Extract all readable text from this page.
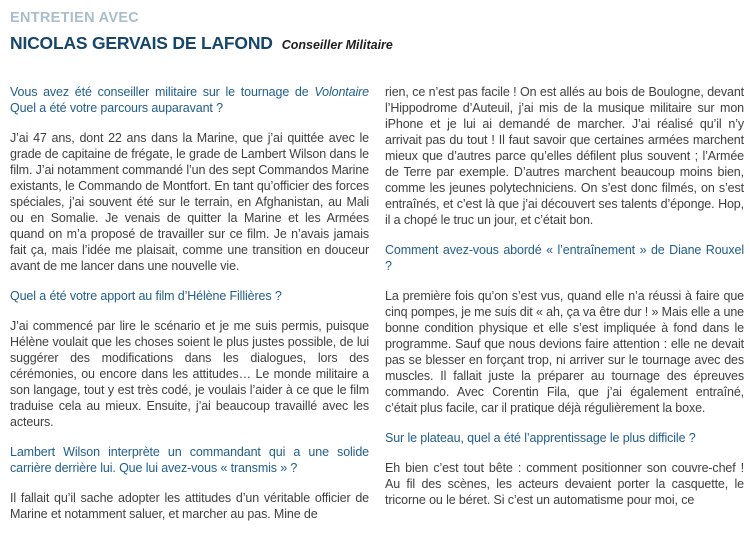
ENTRETIEN AVEC
NICOLAS GERVAIS DE LAFOND Conseiller Militaire

Vous avez été conseiller militaire sur le tournage de Volontaire Quel a été votre parcours auparavant ?

J’ai 47 ans, dont 22 ans dans la Marine, que j’ai quittée avec le grade de capitaine de frégate, le grade de Lambert Wilson dans le film. J’ai notamment commandé l’un des sept Commandos Marine existants, le Commando de Montfort. En tant qu’officier des forces spéciales, j’ai souvent été sur le terrain, en Afghanistan, au Mali ou en Somalie. Je venais de quitter la Marine et les Armées quand on m’a proposé de travailler sur ce film. Je n’avais jamais fait ça, mais l’idée me plaisait, comme une transition en douceur avant de me lancer dans une nouvelle vie.

Quel a été votre apport au film d’Hélène Fillières ?

J’ai commencé par lire le scénario et je me suis permis, puisque Hélène voulait que les choses soient le plus justes possible, de lui suggérer des modifications dans les dialogues, lors des cérémonies, ou encore dans les attitudes… Le monde militaire a son langage, tout y est très codé, je voulais l’aider à ce que le film traduise cela au mieux. Ensuite, j’ai beaucoup travaillé avec les acteurs.

Lambert Wilson interprète un commandant qui a une solide carrière derrière lui. Que lui avez-vous « transmis » ?

Il fallait qu’il sache adopter les attitudes d’un véritable officier de Marine et notamment saluer, et marcher au pas. Mine de

rien, ce n’est pas facile ! On est allés au bois de Boulogne, devant l’Hippodrome d’Auteuil, j’ai mis de la musique militaire sur mon iPhone et je lui ai demandé de marcher. J’ai réalisé qu’il n’y arrivait pas du tout ! Il faut savoir que certaines armées marchent mieux que d’autres parce qu’elles défilent plus souvent ; l’Armée de Terre par exemple. D’autres marchent beaucoup moins bien, comme les jeunes polytechniciens. On s’est donc filmés, on s’est entraînés, et c’est là que j’ai découvert ses talents d’éponge. Hop, il a chopé le truc un jour, et c’était bon.

Comment avez-vous abordé « l’entraînement » de Diane Rouxel ?

La première fois qu’on s’est vus, quand elle n’a réussi à faire que cinq pompes, je me suis dit « ah, ça va être dur ! » Mais elle a une bonne condition physique et elle s’est impliquée à fond dans le programme. Sauf que nous devions faire attention : elle ne devait pas se blesser en forçant trop, ni arriver sur le tournage avec des muscles. Il fallait juste la préparer au tournage des épreuves commando. Avec Corentin Fila, que j’ai également entraîné, c’était plus facile, car il pratique déjà régulièrement la boxe.

Sur le plateau, quel a été l’apprentissage le plus difficile ?

Eh bien c’est tout bête : comment positionner son couvre-chef ! Au fil des scènes, les acteurs devaient porter la casquette, le tricorne ou le béret. Si c’est un automatisme pour moi, ce
